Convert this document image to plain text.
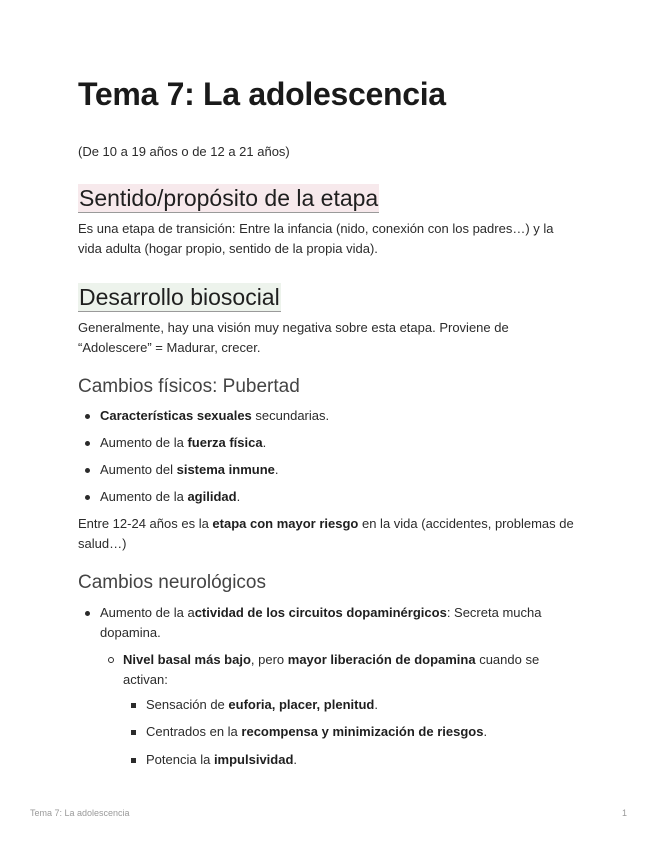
Tema 7: La adolescencia

(De 10 a 19 años o de 12 a 21 años)

Sentido/propósito de la etapa

Es una etapa de transición: Entre la infancia (nido, conexión con los padres…) y la vida adulta (hogar propio, sentido de la propia vida).

Desarrollo biosocial

Generalmente, hay una visión muy negativa sobre esta etapa. Proviene de “Adolescere” = Madurar, crecer.

Cambios físicos: Pubertad
Características sexuales secundarias.
Aumento de la fuerza física.
Aumento del sistema inmune.
Aumento de la agilidad.

Entre 12-24 años es la etapa con mayor riesgo en la vida (accidentes, problemas de salud…)

Cambios neurológicos
Aumento de la actividad de los circuitos dopaminérgicos: Secreta mucha dopamina.
Nivel basal más bajo, pero mayor liberación de dopamina cuando se activan:
Sensación de euforia, placer, plenitud.
Centrados en la recompensa y minimización de riesgos.
Potencia la impulsividad.
Tema 7: La adolescencia	1
